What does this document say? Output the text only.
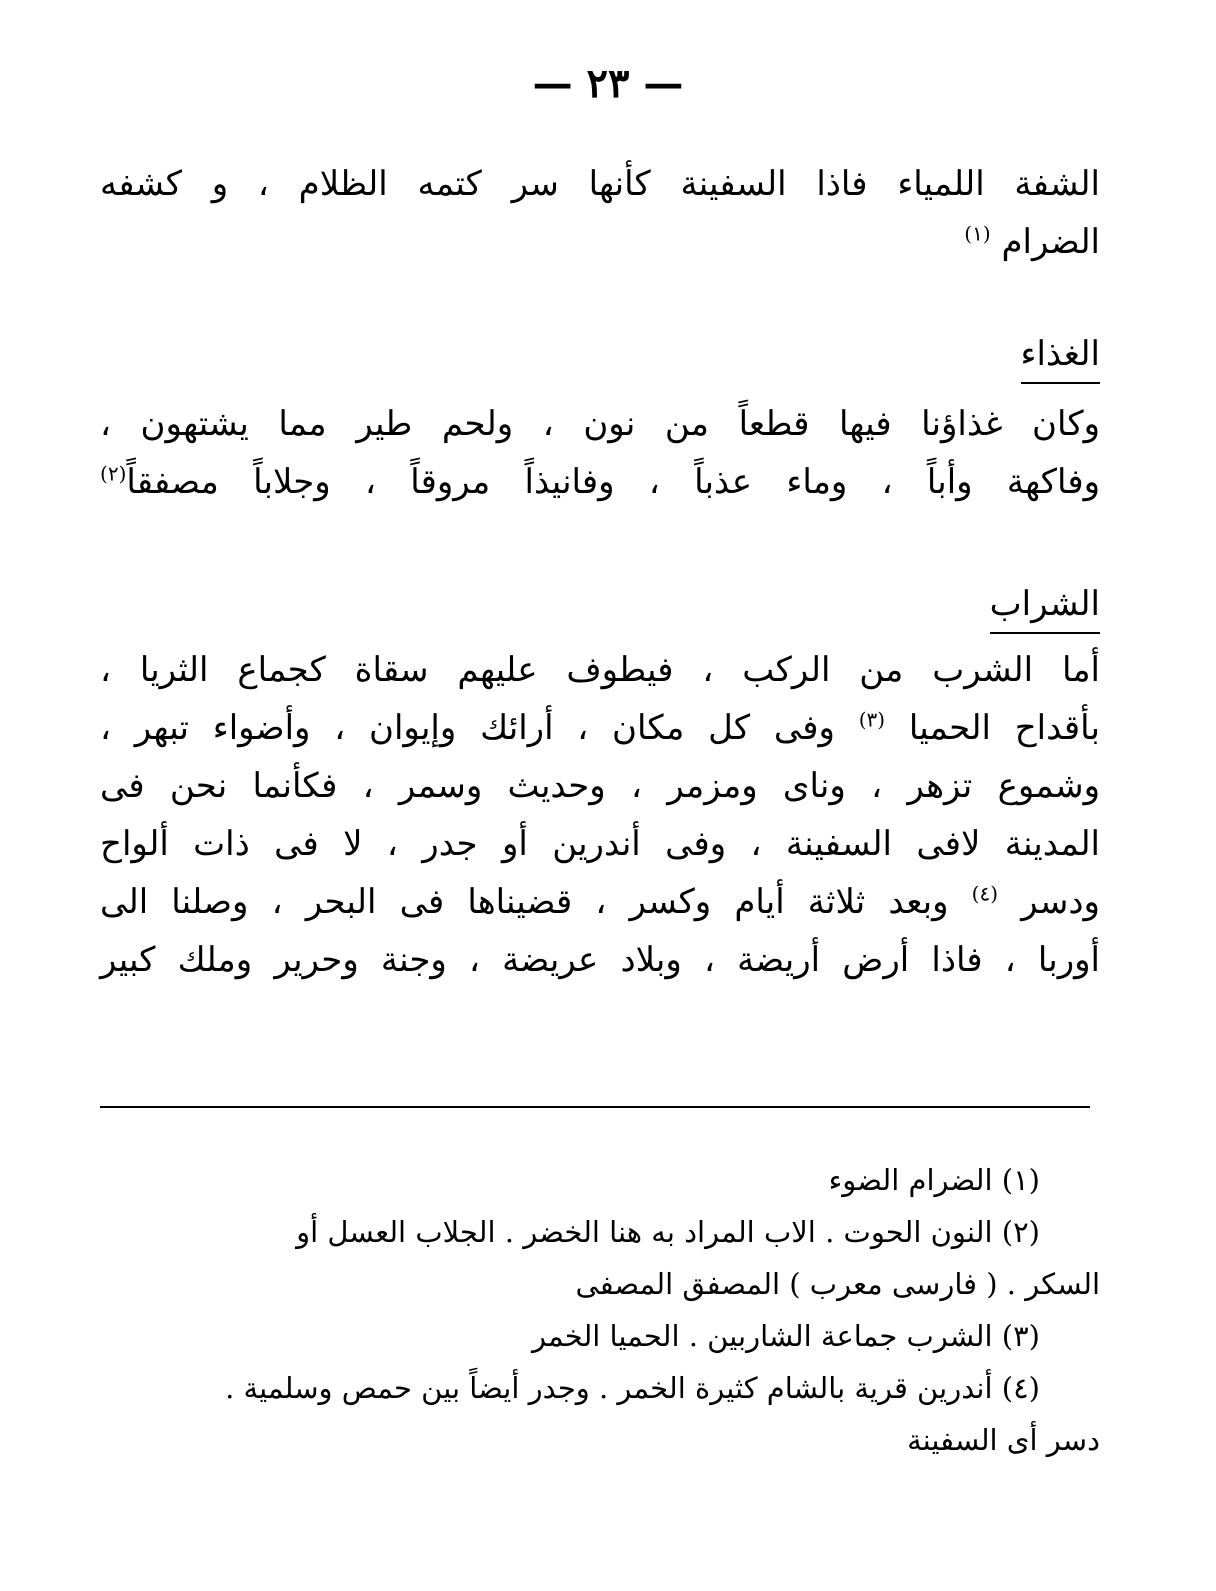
— ٢٣ —
الشفة اللمياء فاذا السفينة كأنها سر كتمه الظلام ، و كشفه
الضرام $^{(١)}$
الغذاء
وكان غذاؤنا فيها قطعاً من نون ، ولحم طير مما يشتهون ،
وفاكهة وأباً ، وماء عذباً ، وفانيذاً مروقاً ، وجلاباً مصفقاً$^{(٢)}$
الشراب
أما الشرب من الركب ، فيطوف عليهم سقاة كجماع الثريا ،
بأقداح الحميا $^{(٣)}$ وفى كل مكان ، أرائك وإيوان ، وأضواء تبهر ،
وشموع تزهر ، وناى ومزمر ، وحديث وسمر ، فكأنما نحن فى
المدينة لافى السفينة ، وفى أندرين أو جدر ، لا فى ذات ألواح
ودسر $^{(٤)}$ وبعد ثلاثة أيام وكسر ، قضيناها فى البحر ، وصلنا الى
أوربا ، فاذا أرض أريضة ، وبلاد عريضة ، وجنة وحرير وملك كبير
(١) الضرام الضوء
(٢) النون الحوت . الاب المراد به هنا الخضر . الجلاب العسل أو
السكر . ( فارسى معرب ) المصفق المصفى
(٣) الشرب جماعة الشاربين . الحميا الخمر
(٤) أندرين قرية بالشام كثيرة الخمر . وجدر أيضاً بين حمص وسلمية .
دسر أى السفينة
